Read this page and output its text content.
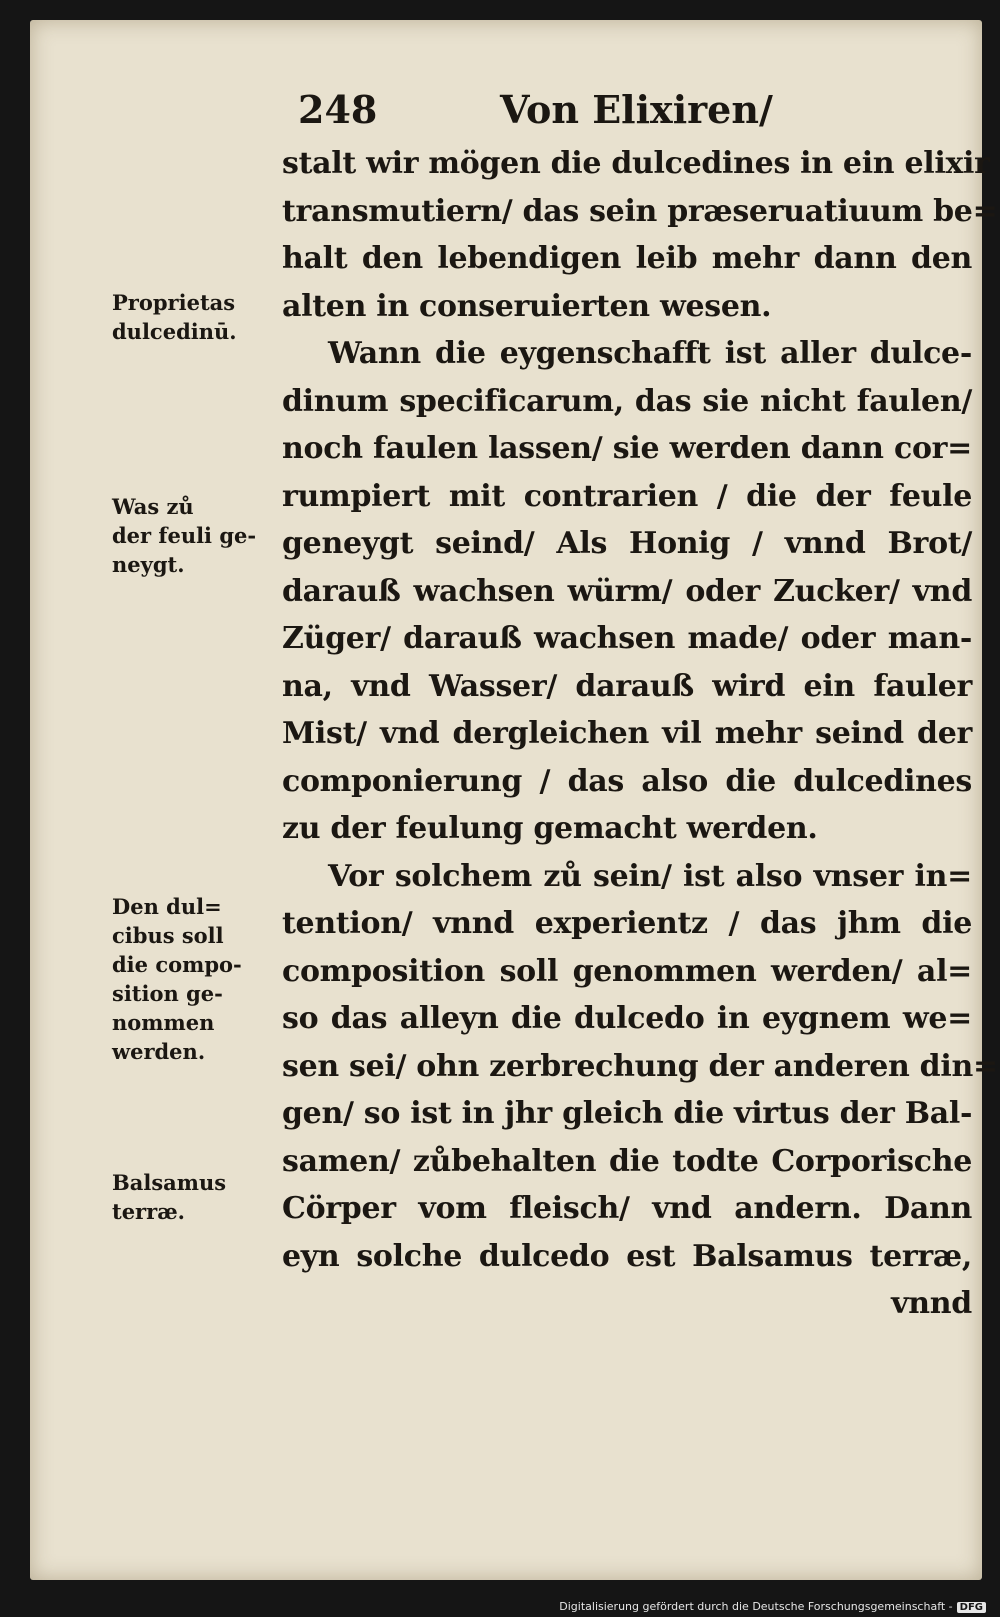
248	Von Elixiren/
stalt wir mögen die dulcedines in ein elixir
transmutiern/ das sein præseruatiuum be=
halt den lebendigen leib mehr dann den
alten in conseruierten wesen.
Wann die eygenschafft ist aller dulce-
dinum specificarum, das sie nicht faulen/
noch faulen lassen/ sie werden dann cor=
rumpiert mit contrarien / die der feule
geneygt seind/ Als Honig / vnnd Brot/
darauß wachsen würm/ oder Zucker/ vnd
Züger/ darauß wachsen made/ oder man-
na, vnd Wasser/ darauß wird ein fauler
Mist/ vnd dergleichen vil mehr seind der
componierung / das also die dulcedines
zu der feulung gemacht werden.
Vor solchem zů sein/ ist also vnser in=
tention/ vnnd experientz / das jhm die
composition soll genommen werden/ al=
so das alleyn die dulcedo in eygnem we=
sen sei/ ohn zerbrechung der anderen din=
gen/ so ist in jhr gleich die virtus der Bal-
samen/ zůbehalten die todte Corporische
Cörper vom fleisch/ vnd andern. Dann
eyn solche dulcedo est Balsamus terræ,
vnnd
Proprietas
dulcedinū.
Was zů
der feuli ge-
neygt.
Den dul=
cibus soll
die compo-
sition ge-
nommen
werden.
Balsamus
terræ.
Digitalisierung gefördert durch die Deutsche Forschungsgemeinschaft - DFG
